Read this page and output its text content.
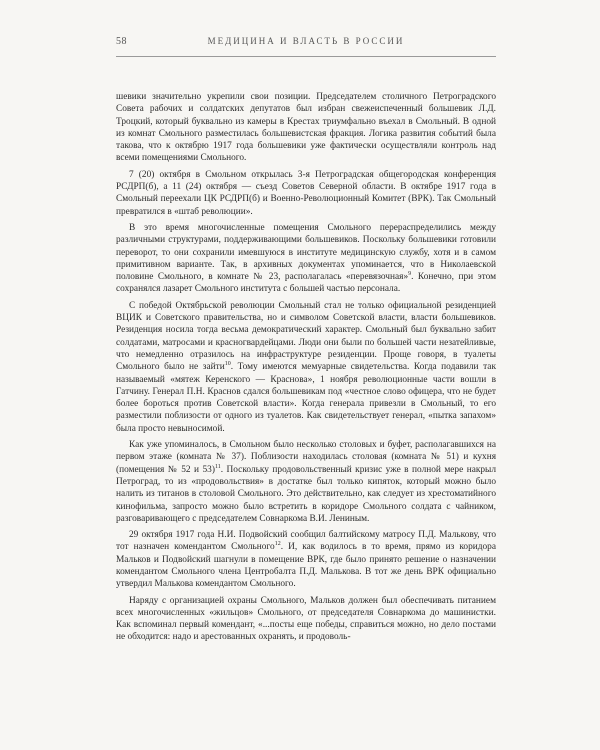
58	МЕДИЦИНА И ВЛАСТЬ В РОССИИ

шевики значительно укрепили свои позиции. Председателем столичного Петроградского Совета рабочих и солдатских депутатов был избран свежеиспеченный большевик Л.Д. Троцкий, который буквально из камеры в Крестах триумфально въехал в Смольный. В одной из комнат Смольного разместилась большевистская фракция. Логика развития событий была такова, что к октябрю 1917 года большевики уже фактически осуществляли контроль над всеми помещениями Смольного.

7 (20) октября в Смольном открылась 3-я Петроградская общегородская конференция РСДРП(б), а 11 (24) октября — съезд Советов Северной области. В октябре 1917 года в Смольный переехали ЦК РСДРП(б) и Военно-Революционный Комитет (ВРК). Так Смольный превратился в «штаб революции».

В это время многочисленные помещения Смольного перераспределились между различными структурами, поддерживающими большевиков. Поскольку большевики готовили переворот, то они сохранили имевшуюся в институте медицинскую службу, хотя и в самом примитивном варианте. Так, в архивных документах упоминается, что в Николаевской половине Смольного, в комнате № 23, располагалась «перевязочная»$^9$. Конечно, при этом сохранялся лазарет Смольного института с большей частью персонала.

С победой Октябрьской революции Смольный стал не только официальной резиденцией ВЦИК и Советского правительства, но и символом Советской власти, власти большевиков. Резиденция носила тогда весьма демократический характер. Смольный был буквально забит солдатами, матросами и красногвардейцами. Люди они были по большей части незатейливые, что немедленно отразилось на инфраструктуре резиденции. Проще говоря, в туалеты Смольного было не зайти$^{10}$. Тому имеются мемуарные свидетельства. Когда подавили так называемый «мятеж Керенского — Краснова», 1 ноября революционные части вошли в Гатчину. Генерал П.Н. Краснов сдался большевикам под «честное слово офицера, что не будет более бороться против Советской власти». Когда генерала привезли в Смольный, то его разместили поблизости от одного из туалетов. Как свидетельствует генерал, «пытка запахом» была просто невыносимой.

Как уже упоминалось, в Смольном было несколько столовых и буфет, располагавшихся на первом этаже (комната № 37). Поблизости находилась столовая (комната № 51) и кухня (помещения № 52 и 53)$^{11}$. Поскольку продовольственный кризис уже в полной мере накрыл Петроград, то из «продовольствия» в достатке был только кипяток, который можно было налить из титанов в столовой Смольного. Это действительно, как следует из хрестоматийного кинофильма, запросто можно было встретить в коридоре Смольного солдата с чайником, разговаривающего с председателем Совнаркома В.И. Лениным.

29 октября 1917 года Н.И. Подвойский сообщил балтийскому матросу П.Д. Малькову, что тот назначен комендантом Смольного$^{12}$. И, как водилось в то время, прямо из коридора Мальков и Подвойский шагнули в помещение ВРК, где было принято решение о назначении комендантом Смольного члена Центробалта П.Д. Малькова. В тот же день ВРК официально утвердил Малькова комендантом Смольного.

Наряду с организацией охраны Смольного, Мальков должен был обеспечивать питанием всех многочисленных «жильцов» Смольного, от председателя Совнаркома до машинистки. Как вспоминал первый комендант, «...посты еще победы, справиться можно, но дело постами не обходится: надо и арестованных охранять, и продоволь-
